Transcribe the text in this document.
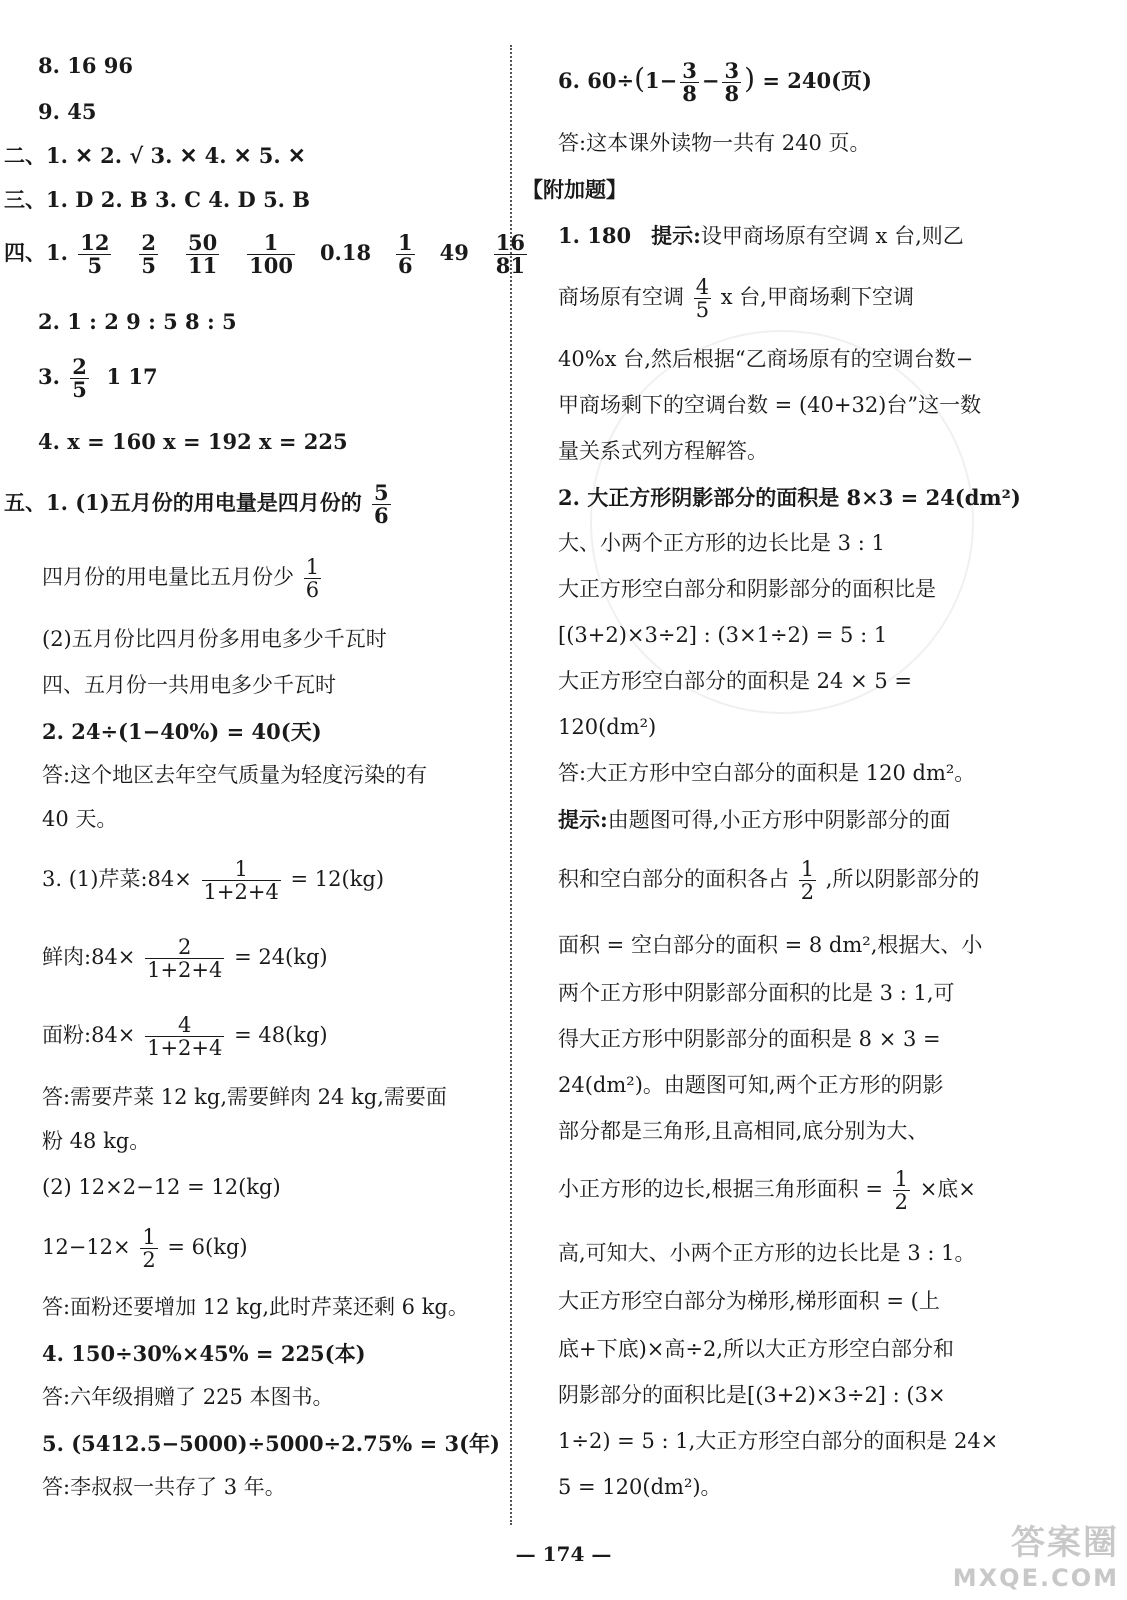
8. 16 96
9. 45
二、1. ✕ 2. √ 3. ✕ 4. ✕ 5. ✕
三、1. D 2. B 3. C 4. D 5. B
四、1. $\frac{12}{5}$
$\frac{2}{5}$
$\frac{50}{11}$
$\frac{1}{100} 0.18 \frac{1}{6} 49 \frac{16}{81}$
2. 1 : 2 9 : 5 8 : 5
3. $\frac{2}{5} 1$ 17
4. x = 160 x = 192 x = 225
五、1. (1)五月份的用电量是四月份的 $\frac{5}{6}$
四月份的用电量比五月份少 $\frac{1}{6}$
(2)五月份比四月份多用电多少千瓦时
四、五月份一共用电多少千瓦时
2. 24÷(1−40%) = 40(天)
答:这个地区去年空气质量为轻度污染的有
40 天。
3. (1)芹菜:84× $\frac{1}{1+2+4} = 12(kg)$
鲜肉:84× $\frac{2}{1+2+4} = 24(kg)$
面粉:84× $\frac{4}{1+2+4} = 48(kg)$
答:需要芹菜 12 kg,需要鲜肉 24 kg,需要面
粉 48 kg。
(2) 12×2−12 = 12(kg)
$12-12\times \frac{1}{2} = 6(kg)$
答:面粉还要增加 12 kg,此时芹菜还剩 6 kg。
4. 150÷30%×45% = 225(本)
答:六年级捐赠了 225 本图书。
5. (5412.5−5000)÷5000÷2.75% = 3(年)
答:李叔叔一共存了 3 年。
6. $60\div(1- \frac{3}{8} - \frac{3}{8}$ ) = 240(页)
答:这本课外读物一共有 240 页。
【附加题】
1. 180 提示:设甲商场原有空调 x 台,则乙
商场原有空调 $\frac{4}{5}$ x 台,甲商场剩下空调
40%x 台,然后根据“乙商场原有的空调台数−
甲商场剩下的空调台数 = (40+32)台”这一数
量关系式列方程解答。
2. 大正方形阴影部分的面积是 8×3 = 24(dm²)
大、小两个正方形的边长比是 3 : 1
大正方形空白部分和阴影部分的面积比是
[(3+2)×3÷2] : (3×1÷2) = 5 : 1
大正方形空白部分的面积是 24 × 5 =
120(dm²)
答:大正方形中空白部分的面积是 120 dm²。
提示:由题图可得,小正方形中阴影部分的面
积和空白部分的面积各占 $\frac{1}{2}$ ,所以阴影部分的
面积 = 空白部分的面积 = 8 dm²,根据大、小
两个正方形中阴影部分面积的比是 3 : 1,可
得大正方形中阴影部分的面积是 8 × 3 =
24(dm²)。由题图可知,两个正方形的阴影
部分都是三角形,且高相同,底分别为大、
小正方形的边长,根据三角形面积 = $\frac{1}{2}$ ×底×
高,可知大、小两个正方形的边长比是 3 : 1。
大正方形空白部分为梯形,梯形面积 = (上
底+下底)×高÷2,所以大正方形空白部分和
阴影部分的面积比是[(3+2)×3÷2] : (3×
1÷2) = 5 : 1,大正方形空白部分的面积是 24×
5 = 120(dm²)。
— 174 —	答案圈
MXQE.COM
